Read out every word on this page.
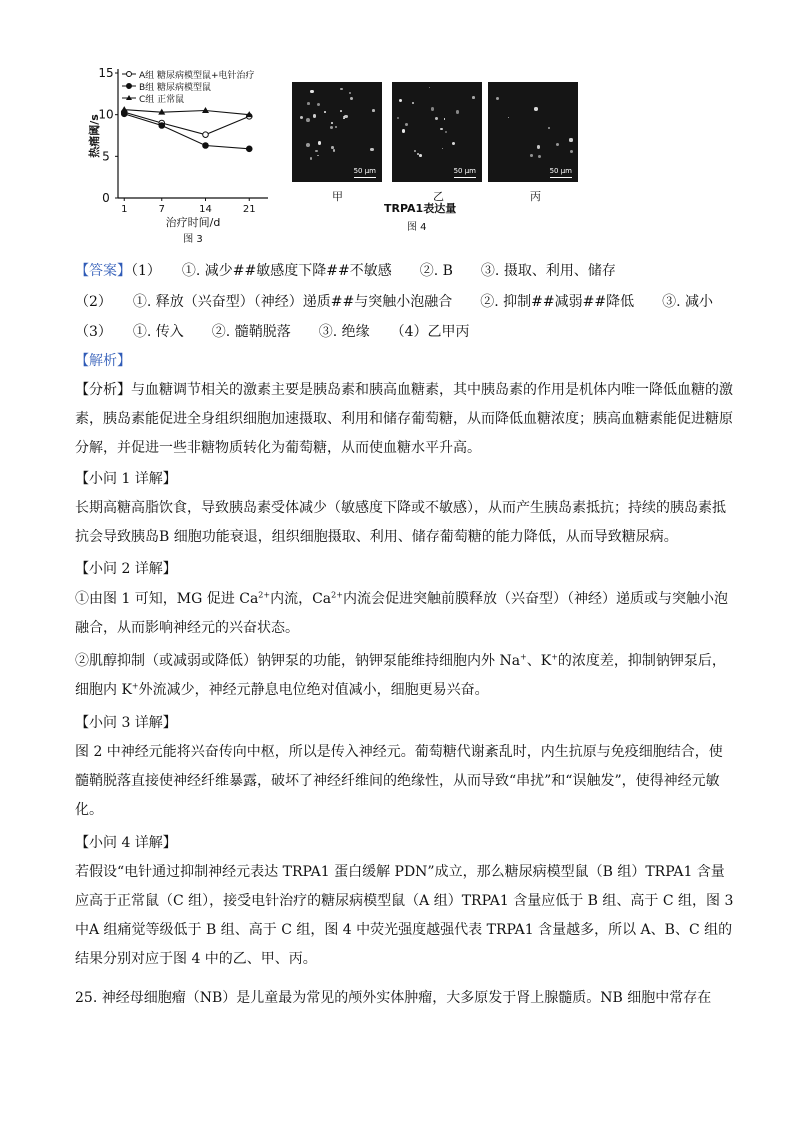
0
5
10
15
1	7	14	21
治疗时间/d
热痛阈/s
图 3
A组 糖尿病模型鼠+电针治疗
B组 糖尿病模型鼠
C组 正常鼠
50 μm	50 μm	50 μm
甲	乙	丙
TRPA1表达量
图 4
【答案】（1）　　①. 减少##敏感度下降##不敏感　　②. B　　③. 摄取、利用、储存
（2）　　①. 释放（兴奋型）（神经）递质##与突触小泡融合　　②. 抑制##减弱##降低　　③. 减小
（3）　　①. 传入　　②. 髓鞘脱落　　③. 绝缘　　（4）乙甲丙
【解析】
【分析】与血糖调节相关的激素主要是胰岛素和胰高血糖素，其中胰岛素的作用是机体内唯一降低血糖的激素，胰岛素能促进全身组织细胞加速摄取、利用和储存葡萄糖，从而降低血糖浓度；胰高血糖素能促进糖原分解，并促进一些非糖物质转化为葡萄糖，从而使血糖水平升高。
【小问 1 详解】
长期高糖高脂饮食，导致胰岛素受体减少（敏感度下降或不敏感），从而产生胰岛素抵抗；持续的胰岛素抵抗会导致胰岛B 细胞功能衰退，组织细胞摄取、利用、储存葡萄糖的能力降低，从而导致糖尿病。
【小问 2 详解】
①由图 1 可知，MG 促进 $Ca^{2+}$内流，$Ca^{2+}$内流会促进突触前膜释放（兴奋型）（神经）递质或与突触小泡融合，从而影响神经元的兴奋状态。
②肌醇抑制（或减弱或降低）钠钾泵的功能，钠钾泵能维持细胞内外 Na+、K+的浓度差，抑制钠钾泵后，细胞内 K+外流减少，神经元静息电位绝对值减小，细胞更易兴奋。
【小问 3 详解】
图 2 中神经元能将兴奋传向中枢，所以是传入神经元。葡萄糖代谢紊乱时，内生抗原与免疫细胞结合，使髓鞘脱落直接使神经纤维暴露，破坏了神经纤维间的绝缘性，从而导致“串扰”和“误触发”，使得神经元敏化。
【小问 4 详解】
若假设“电针通过抑制神经元表达 TRPA1 蛋白缓解 PDN”成立，那么糖尿病模型鼠（B 组）TRPA1 含量应高于正常鼠（C 组），接受电针治疗的糖尿病模型鼠（A 组）TRPA1 含量应低于 B 组、高于 C 组，图 3 中A 组痛觉等级低于 B 组、高于 C 组，图 4 中荧光强度越强代表 TRPA1 含量越多，所以 A、B、C 组的结果分别对应于图 4 中的乙、甲、丙。
25. 神经母细胞瘤（NB）是儿童最为常见的颅外实体肿瘤，大多原发于肾上腺髓质。NB 细胞中常存在
